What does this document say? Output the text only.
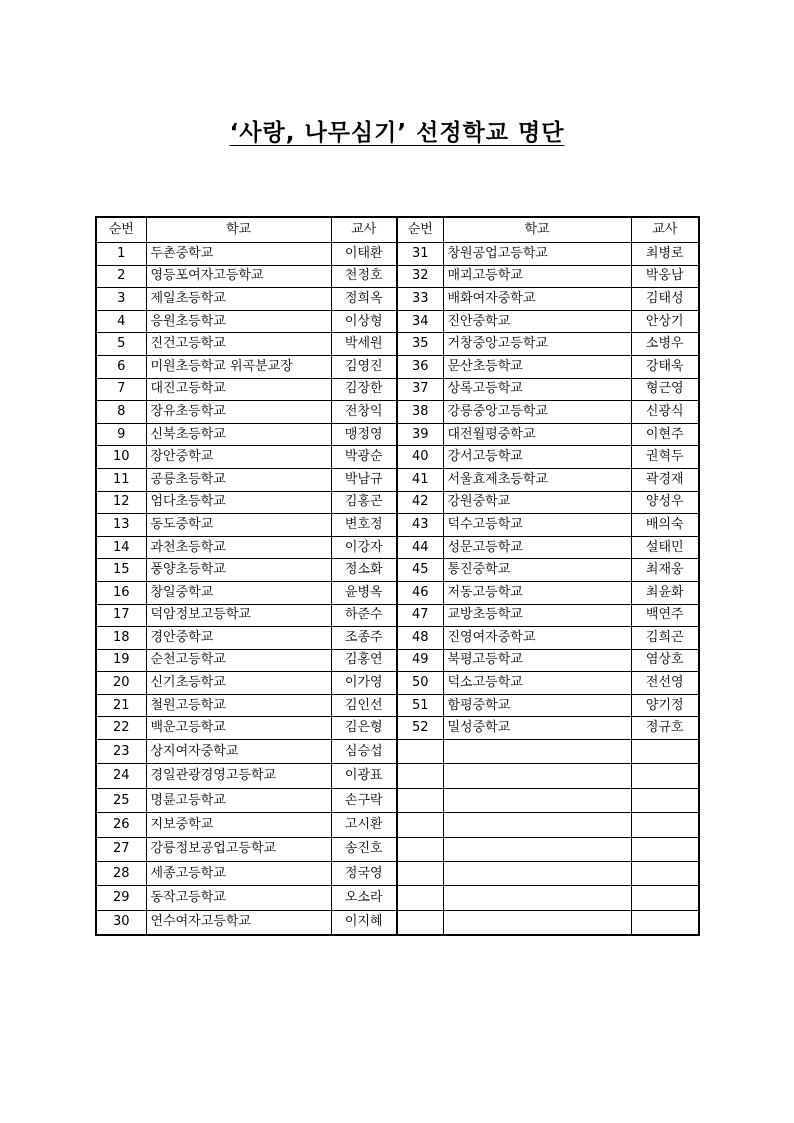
‘사랑, 나무심기’ 선정학교 명단
순번	학교	교사	순번	학교	교사
1	두촌중학교	이태환	31	창원공업고등학교	최병로
2	영등포여자고등학교	천정호	32	매괴고등학교	박웅남
3	제일초등학교	정희옥	33	배화여자중학교	김태성
4	응원초등학교	이상형	34	진안중학교	안상기
5	진건고등학교	박세원	35	거창중앙고등학교	소병우
6	미원초등학교 위곡분교장	김영진	36	문산초등학교	강태욱
7	대진고등학교	김장한	37	상록고등학교	형근영
8	장유초등학교	전창익	38	강릉중앙고등학교	신광식
9	신북초등학교	맹정영	39	대전월평중학교	이현주
10	장안중학교	박광순	40	강서고등학교	권혁두
11	공릉초등학교	박남규	41	서울효제초등학교	곽경재
12	엄다초등학교	김홍곤	42	강원중학교	양성우
13	동도중학교	변호정	43	덕수고등학교	배의숙
14	과천초등학교	이강자	44	성문고등학교	설태민
15	풍양초등학교	정소화	45	통진중학교	최재웅
16	창일중학교	윤병옥	46	저동고등학교	최윤화
17	덕암정보고등학교	하준수	47	교방초등학교	백연주
18	경안중학교	조종주	48	진영여자중학교	김희곤
19	순천고등학교	김홍연	49	북평고등학교	염상호
20	신기초등학교	이가영	50	덕소고등학교	전선영
21	철원고등학교	김인선	51	함평중학교	양기정
22	백운고등학교	김은형	52	밀성중학교	정규호
23	상지여자중학교	심승섭			
24	경일관광경영고등학교	이광표			
25	명륜고등학교	손구락			
26	지보중학교	고시환			
27	강릉정보공업고등학교	송진호			
28	세종고등학교	정국영			
29	동작고등학교	오소라			
30	연수여자고등학교	이지혜			
